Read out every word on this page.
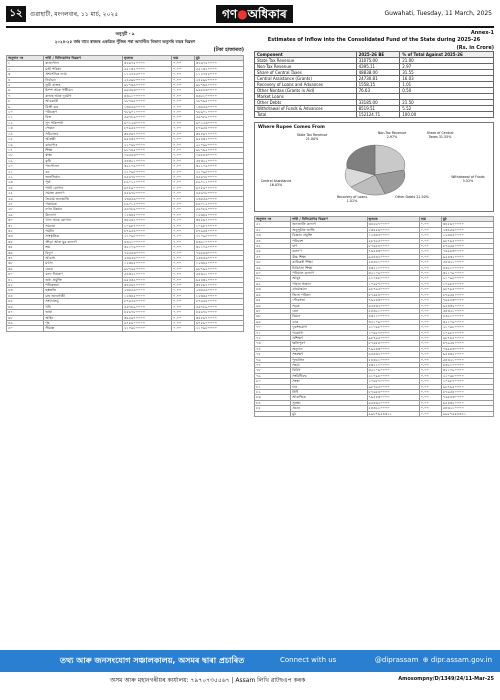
১২	গুৱাহাটী, মংগলবাৰ, ১১ মাৰ্চ, ২০২৫	গণ●অধিকাৰ	Guwahati, Tuesday, 11 March, 2025
অনুসূচী - ৯
২০২৪-২৫ বৰ্ষৰ বাবে ৰাজ্যৰ একত্ৰিত পুঁজিৰ পৰা আবণ্টিত বিভাগ অনুসৰি ব্যয়ৰ বিৱৰণ
(টকা হাজাৰত)
অনুদান নং	দাবী / বিনিয়োগৰ বিৱৰণ	ভৃত্যত	ব্যয়	মুঠ
১	ৰাজ্যপাল	৩২৬৭৫০০০০	০.০০	৩২৬৭৫০০০০
২	মন্ত্ৰী পৰিষদ	৫৫১৩২০০০০	০.০০	৫৫১৩২০০০০
৩	প্ৰশাসনিক ন্যায়	১১২৭৪৫০০০	০.০০	১১২৭৪৫০০০
৪	নিৰ্বাচন	২৪৫৯৮০০০০	০.০০	২৪৫৯৮০০০০
৫	ভূমি ৰাজহ	৯৮৭৬৪০০০০	০.০০	৯৮৭৬৪০০০০
৬	ষ্টাম্প আৰু পঞ্জীয়ন	৬৬৫৪৩০০০০	০.০০	৬৬৫৪৩০০০০
৭	ৰাজহ আৰু দুৰ্যোগ	৪৩২১০০০০০	০.০০	৪৩২১০০০০০
৮	আবকাৰী	২৮৭৬৫০০০০	০.০০	২৮৭৬৫০০০০
৯	বিক্ৰী কৰ	১৩৪৫৬০০০০	০.০০	১৩৪৫৬০০০০
১০	পৰিবহণ	৭৮৯০১০০০০	০.০০	৭৮৯০১০০০০
১১	বিত্ত	৫৬৭৮৯০০০০	০.০০	৫৬৭৮৯০০০০
১২	সুদ পৰিশোধ	৯০১২৩০০০০	০.০০	৯০১২৩০০০০
১৩	পেঞ্চন	৮৭৬৫৪০০০০	০.০০	৮৭৬৫৪০০০০
১৪	সচিবালয়	৩৪৫৬৭০০০০	০.০০	৩৪৫৬৭০০০০
১৫	আৰক্ষী	৬৫৪৩২০০০০	০.০০	৬৫৪৩২০০০০
১৬	কাৰাগাৰ	২১০৯৮০০০০	০.০০	২১০৯৮০০০০
১৭	শিক্ষা	৯৮৭৬৫০০০০	০.০০	৯৮৭৬৫০০০০
১৮	স্বাস্থ্য	৭৬৫৪৩০০০০	০.০০	৭৬৫৪৩০০০০
১৯	কৃষি	৫৪৩২১০০০০	০.০০	৫৪৩২১০০০০
২০	পশুপালন	৩২১০৯০০০০	০.০০	৩২১০৯০০০০
২১	বন	২১০৯৮০০০০	০.০০	২১০৯৮০০০০
২২	জলসিঞ্চন	৪৫৬৭৮০০০০	০.০০	৪৫৬৭৮০০০০
২৩	পূৰ্ত	৮৯০১২০০০০	০.০০	৮৯০১২০০০০
২৪	পানী যোগান	৬৭৮৯০০০০০	০.০০	৬৭৮৯০০০০০
২৫	সমাজ কল্যাণ	৪৫৬৭৮০০০০	০.০০	৪৫৬৭৮০০০০
২৬	ভৈয়াম জনজাতি	২৩৪৫৬০০০০	০.০০	২৩৪৫৬০০০০
২৭	পঞ্চায়ত	৮৯০১২০০০০	০.০০	৮৯০১২০০০০
২৮	নগৰ উন্নয়ন	৫৬৭৮৯০০০০	০.০০	৫৬৭৮৯০০০০
২৯	উদ্যোগ	১২৩৪৫০০০০	০.০০	১২৩৪৫০০০০
৩০	খাদ্য আৰু যোগান	৩৪৫৬৭০০০০	০.০০	৩৪৫৬৭০০০০
৩১	সমবায়	১০৯৮৭০০০০	০.০০	১০৯৮৭০০০০
৩২	পৰ্যটন	৮৭৬৫৪০০০০	০.০০	৮৭৬৫৪০০০০
৩৩	সাংস্কৃতিক	২১০৯৮০০০০	০.০০	২১০৯৮০০০০
৩৪	ক্ৰীড়া আৰু যুৱ কল্যাণ	৪৩২১০০০০০	০.০০	৪৩২১০০০০০
৩৫	শ্ৰম	৩২১০৯০০০০	০.০০	৩২১০৯০০০০
৩৬	বিদ্যুৎ	৭৬৫৪৩০০০০	০.০০	৭৬৫৪৩০০০০
৩৭	আৱাস	২৩৪৫৬০০০০	০.০০	২৩৪৫৬০০০০
৩৮	মৎস্য	১২৩৪৫০০০০	০.০০	১২৩৪৫০০০০
৩৯	ৰেচম	৯৮৭৬৫০০০০	০.০০	৯৮৭৬৫০০০০
৪০	বন্যা নিয়ন্ত্ৰণ	৫৪৩২১০০০০	০.০০	৫৪৩২১০০০০
৪১	তথ্য প্ৰযুক্তি	৬৫৪৩২০০০০	০.০০	৬৫৪৩২০০০০
৪২	পৰিকল্পনা	৩৪৫৬৭০০০০	০.০০	৩৪৫৬৭০০০০
৪৩	হস্ততাঁত	২৩৪৫৬০০০০	০.০০	২৩৪৫৬০০০০
৪৪	চাহ জনগোষ্ঠী	১২৩৪৫০০০০	০.০০	১২৩৪৫০০০০
৪৫	সংখ্যালঘু	৮৭৬৫৪০০০০	০.০০	৮৭৬৫৪০০০০
৪৬	খনি	৫৬৭৮৯০০০০	০.০০	৫৬৭৮৯০০০০
৪৭	ভাষা	৪৫৬৭৮০০০০	০.০০	৪৫৬৭৮০০০০
৪৮	আইন	৩৪৫৬৭০০০০	০.০০	৩৪৫৬৭০০০০
৪৯	গৃহ	৬৭৮৯০০০০০	০.০০	৬৭৮৯০০০০০
৫০	সীমান্ত	২১০৯৮০০০০	০.০০	২১০৯৮০০০০
Annex-1
Estimates of Inflow into the Consolidated Fund of the State during 2025-26
(Rs. in Crore)
Component	2025-26 BE	% of Total Against 2025-26
State Tax Revenue	31075.00	21.00
Non-Tax Revenue	4395.11	2.97
Share of Central Taxes	48838.00	31.55
Central Assistance (Grants)	24730.81	16.03
Recovery of Loans and Advances	1558.15	1.01
Other Nontax (Grants in Aid)	76.63	0.50
Market Loans		
Other Debts	33185.00	21.50
Withdrawal of Funds & Advances	8519.51	5.52
Total	152124.71	100.00
Where Rupee Comes From
State Tax Revenue 21.00%
Non-Tax Revenue 2.97%
Share of Central Taxes 31.55%
Central Assistance 16.03%
Recovery of Loans 1.01%
Other Debts 21.50%
Withdrawal of Funds 5.52%
অনুদান নং	দাবী / বিনিয়োগৰ বিৱৰণ	ভৃত্যত	ব্যয়	মুঠ
৫১	জনজাতি কল্যাণ	৩৪৫৬৭০০০০	০.০০	৩৪৫৬৭০০০০
৫২	অনুসূচীত জাতি	২৩৪৫৬০০০০	০.০০	২৩৪৫৬০০০০
৫৩	বিজ্ঞান প্ৰযুক্তি	১২৩৪৫০০০০	০.০০	১২৩৪৫০০০০
৫৪	পৰিবেশ	৯৮৭৬৫০০০০	০.০০	৯৮৭৬৫০০০০
৫৫	ঋণ	৮৭৬৫৪০০০০	০.০০	৮৭৬৫৪০০০০
৫৬	কল্যাণ	৭৬৫৪৩০০০০	০.০০	৭৬৫৪৩০০০০
৫৭	উচ্চ শিক্ষা	৬৫৪৩২০০০০	০.০০	৬৫৪৩২০০০০
৫৮	কাৰিকৰী শিক্ষা	৫৪৩২১০০০০	০.০০	৫৪৩২১০০০০
৫৯	চিকিৎসা শিক্ষা	৪৩২১০০০০০	০.০০	৪৩২১০০০০০
৬০	পৰিয়াল কল্যাণ	৩২১০৯০০০০	০.০০	৩২১০৯০০০০
৬১	আয়ুষ	২১০৯৮০০০০	০.০০	২১০৯৮০০০০
৬২	পাহাৰ অঞ্চল	১০৯৮৭০০০০	০.০০	১০৯৮৭০০০০
৬৩	গ্ৰামোন্নয়ন	৯৮৭৬৫০০০০	০.০০	৯৮৭৬৫০০০০
৬৪	জিলা পৰিষদ	৮৭৬৫৪০০০০	০.০০	৮৭৬৫৪০০০০
৬৫	পৌৰসভা	৭৬৫৪৩০০০০	০.০০	৭৬৫৪৩০০০০
৬৬	সড়ক	৬৫৪৩২০০০০	০.০০	৬৫৪৩২০০০০
৬৭	ৰেল	৫৪৩২১০০০০	০.০০	৫৪৩২১০০০০
৬৮	বিমান	৪৩২১০০০০০	০.০০	৪৩২১০০০০০
৬৯	ডাক	৩২১০৯০০০০	০.০০	৩২১০৯০০০০
৭০	দূৰসংযোগ	২১০৯৮০০০০	০.০০	২১০৯৮০০০০
৭১	গৱেষণা	১০৯৮৭০০০০	০.০০	১০৯৮৭০০০০
৭২	প্ৰশিক্ষণ	৯৮৭৬৫০০০০	০.০০	৯৮৭৬৫০০০০
৭৩	ক্ষতিপূৰণ	৮৭৬৫৪০০০০	০.০০	৮৭৬৫৪০০০০
৭৪	অনুদান	৭৬৫৪৩০০০০	০.০০	৭৬৫৪৩০০০০
৭৫	সংৰক্ষণ	৬৫৪৩২০০০০	০.০০	৬৫৪৩২০০০০
৭৬	পুনৰ্বাসন	৫৪৩২১০০০০	০.০০	৫৪৩২১০০০০
৭৭	সহায়	৪৩২১০০০০০	০.০০	৪৩২১০০০০০
৭৮	বিবিধ	৩২১০৯০০০০	০.০০	৩২১০৯০০০০
৭৯	সংবিধিবদ্ধ	২১০৯৮০০০০	০.০০	২১০৯৮০০০০
৮০	সংস্থা	১০৯৮৭০০০০	০.০০	১০৯৮৭০০০০
৮১	দান	৯৮৭৬৫০০০০	০.০০	৯৮৭৬৫০০০০
৮২	নিধি	৮৭৬৫৪০০০০	০.০০	৮৭৬৫৪০০০০
৮৩	আকস্মিক	৭৬৫৪৩০০০০	০.০০	৭৬৫৪৩০০০০
৮৪	সুৰক্ষা	৬৫৪৩২০০০০	০.০০	৬৫৪৩২০০০০
৮৫	প্ৰচাৰ	৫৪৩২১০০০০	০.০০	৫৪৩২১০০০০
	মুঠ	৯৯৮৭৬৫৪৩২১	০.০০	৯৯৮৭৬৫৪৩২১
তথ্য আৰু জনসংযোগ সঞ্চালকালয়, অসমৰ দ্বাৰা প্ৰচাৰিত	Connect with us	@diprassam ⊕ dipr.assam.gov.in
অসম আৰু মহানগৰীয়ৰ কাৰ্যালয়: ৭৯৭০৭৩৫৫৬৭ | Assam লিখি ৱাটছএপ কৰক	Amosompny/D/1349/24/11-Mar-25
